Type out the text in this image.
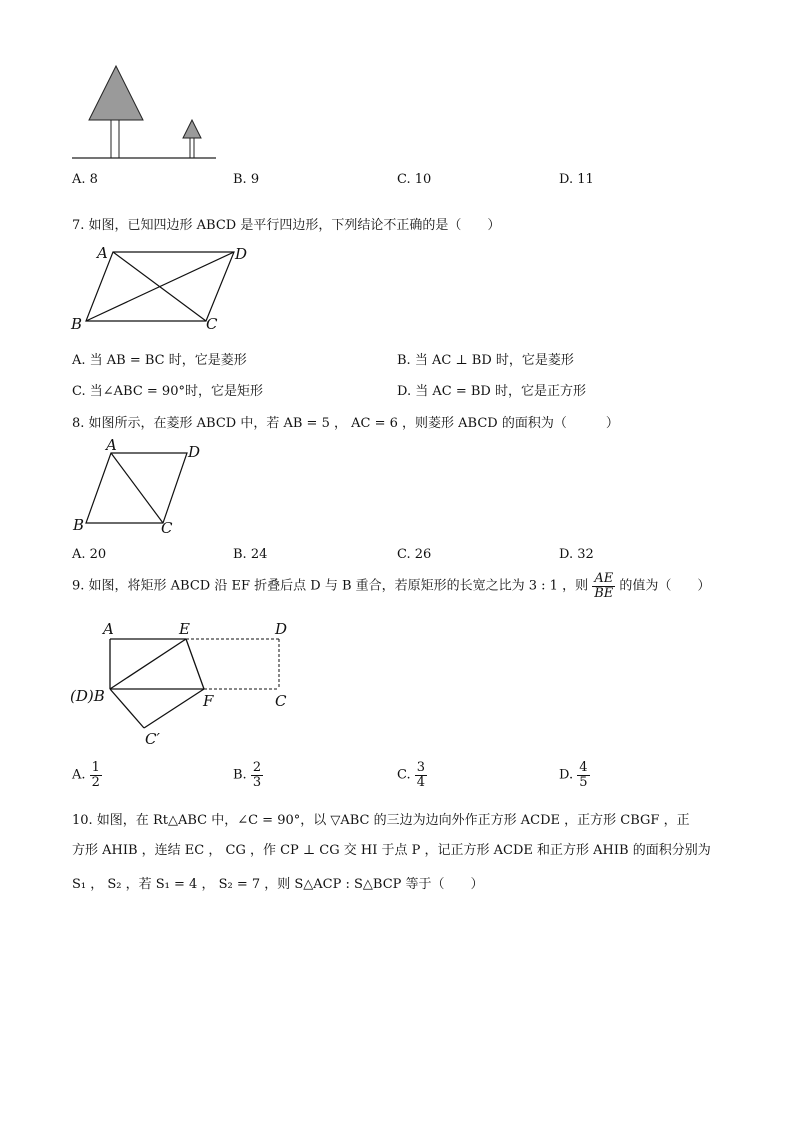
A. 8	B. 9	C. 10	D. 11
7. 如图，已知四边形 ABCD 是平行四边形，下列结论不正确的是（　　）
A	D
B	C
A. 当 AB = BC 时，它是菱形	B. 当 AC ⊥ BD 时，它是菱形
C. 当∠ABC = 90°时，它是矩形	D. 当 AC = BD 时，它是正方形
8. 如图所示，在菱形 ABCD 中，若 AB = 5 ， AC = 6 ，则菱形 ABCD 的面积为（　　　）
A	D
B	C
A. 20	B. 24	C. 26	D. 32
9. 如图，将矩形 ABCD 沿 EF 折叠后点 D 与 B 重合，若原矩形的长宽之比为 3 : 1 ，则 $\frac{AE}{BE}$ 的值为（　　）
A	E	D
(D)B	F	C
C′
A. $\frac{1}{2}$	B. $\frac{2}{3}$	C. $\frac{3}{4}$	D. $\frac{4}{5}$
10. 如图，在 Rt△ABC 中，∠C = 90°，以 ▽ABC 的三边为边向外作正方形 ACDE ，正方形 CBGF ，正
方形 AHIB ，连结 EC ， CG ，作 CP ⊥ CG 交 HI 于点 P ，记正方形 ACDE 和正方形 AHIB 的面积分别为
S₁ ， S₂ ，若 S₁ = 4 ， S₂ = 7 ，则 S△ACP : S△BCP 等于（　　）
